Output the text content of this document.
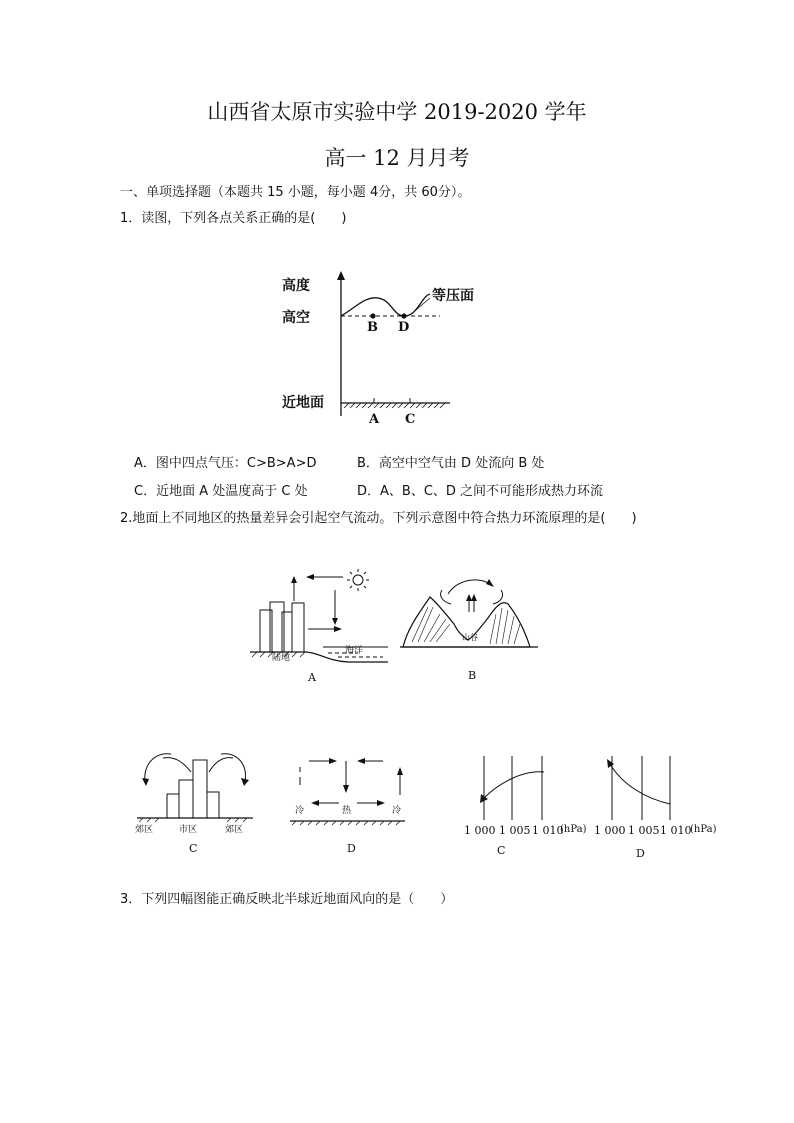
山西省太原市实验中学 2019-2020 学年
高一 12 月月考
一、单项选择题（本题共 15 小题，每小题 4分，共 60分）。
1．读图，下列各点关系正确的是(　　)
高度
高空
近地面
等压面
B D
A C
A．图中四点气压：C>B>A>D	B．高空中空气由 D 处流向 B 处
C．近地面 A 处温度高于 C 处	D．A、B、C、D 之间不可能形成热力环流
2.地面上不同地区的热量差异会引起空气流动。下列示意图中符合热力环流原理的是(　　)
陆地
海洋
A
山谷
B
郊区	市区	郊区
C
冷	热	冷
D
1 000 1 005 1 010
(hPa)
C
1 000 1 005 1 010
(hPa)
D
3．下列四幅图能正确反映北半球近地面风向的是（　　）
